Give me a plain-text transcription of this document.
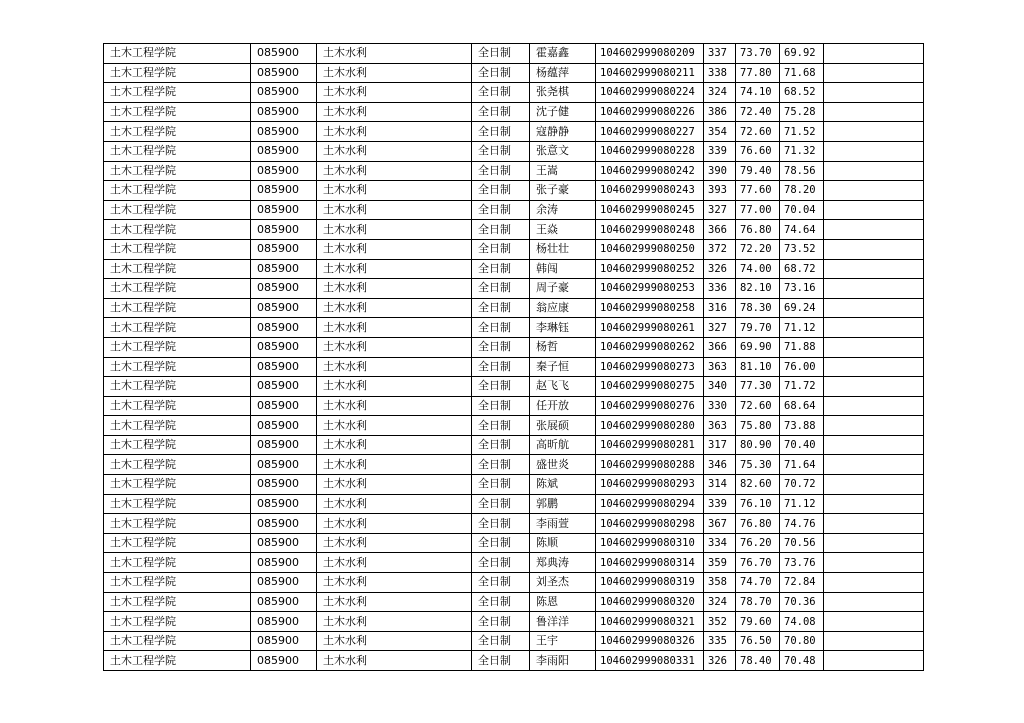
土木工程学院	085900	土木水利	全日制	霍嘉鑫	104602999080209	337	73.70	69.92	
土木工程学院	085900	土木水利	全日制	杨蕴萍	104602999080211	338	77.80	71.68	
土木工程学院	085900	土木水利	全日制	张尧棋	104602999080224	324	74.10	68.52	
土木工程学院	085900	土木水利	全日制	沈子健	104602999080226	386	72.40	75.28	
土木工程学院	085900	土木水利	全日制	寇静静	104602999080227	354	72.60	71.52	
土木工程学院	085900	土木水利	全日制	张意文	104602999080228	339	76.60	71.32	
土木工程学院	085900	土木水利	全日制	王嵩	104602999080242	390	79.40	78.56	
土木工程学院	085900	土木水利	全日制	张子豪	104602999080243	393	77.60	78.20	
土木工程学院	085900	土木水利	全日制	余涛	104602999080245	327	77.00	70.04	
土木工程学院	085900	土木水利	全日制	王焱	104602999080248	366	76.80	74.64	
土木工程学院	085900	土木水利	全日制	杨壮壮	104602999080250	372	72.20	73.52	
土木工程学院	085900	土木水利	全日制	韩闯	104602999080252	326	74.00	68.72	
土木工程学院	085900	土木水利	全日制	周子豪	104602999080253	336	82.10	73.16	
土木工程学院	085900	土木水利	全日制	翁应康	104602999080258	316	78.30	69.24	
土木工程学院	085900	土木水利	全日制	李琳钰	104602999080261	327	79.70	71.12	
土木工程学院	085900	土木水利	全日制	杨哲	104602999080262	366	69.90	71.88	
土木工程学院	085900	土木水利	全日制	秦子恒	104602999080273	363	81.10	76.00	
土木工程学院	085900	土木水利	全日制	赵飞飞	104602999080275	340	77.30	71.72	
土木工程学院	085900	土木水利	全日制	任开放	104602999080276	330	72.60	68.64	
土木工程学院	085900	土木水利	全日制	张展硕	104602999080280	363	75.80	73.88	
土木工程学院	085900	土木水利	全日制	高昕航	104602999080281	317	80.90	70.40	
土木工程学院	085900	土木水利	全日制	盛世炎	104602999080288	346	75.30	71.64	
土木工程学院	085900	土木水利	全日制	陈斌	104602999080293	314	82.60	70.72	
土木工程学院	085900	土木水利	全日制	郭鹏	104602999080294	339	76.10	71.12	
土木工程学院	085900	土木水利	全日制	李雨萱	104602999080298	367	76.80	74.76	
土木工程学院	085900	土木水利	全日制	陈顺	104602999080310	334	76.20	70.56	
土木工程学院	085900	土木水利	全日制	郑典涛	104602999080314	359	76.70	73.76	
土木工程学院	085900	土木水利	全日制	刘圣杰	104602999080319	358	74.70	72.84	
土木工程学院	085900	土木水利	全日制	陈恩	104602999080320	324	78.70	70.36	
土木工程学院	085900	土木水利	全日制	鲁洋洋	104602999080321	352	79.60	74.08	
土木工程学院	085900	土木水利	全日制	王宇	104602999080326	335	76.50	70.80	
土木工程学院	085900	土木水利	全日制	李雨阳	104602999080331	326	78.40	70.48	
